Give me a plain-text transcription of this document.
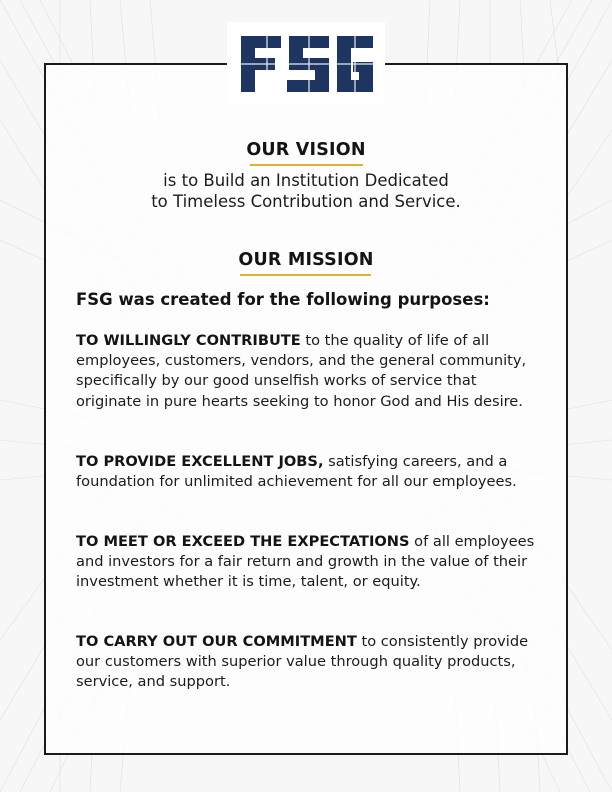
OUR VISION
is to Build an Institution Dedicated
to Timeless Contribution and Service.
OUR MISSION
FSG was created for the following purposes:

TO WILLINGLY CONTRIBUTE to the quality of life of all employees, customers, vendors, and the general community, specifically by our good unselfish works of service that originate in pure hearts seeking to honor God and His desire.

TO PROVIDE EXCELLENT JOBS, satisfying careers, and a foundation for unlimited achievement for all our employees.

TO MEET OR EXCEED THE EXPECTATIONS of all employees and investors for a fair return and growth in the value of their investment whether it is time, talent, or equity.

TO CARRY OUT OUR COMMITMENT to consistently provide our customers with superior value through quality products, service, and support.
